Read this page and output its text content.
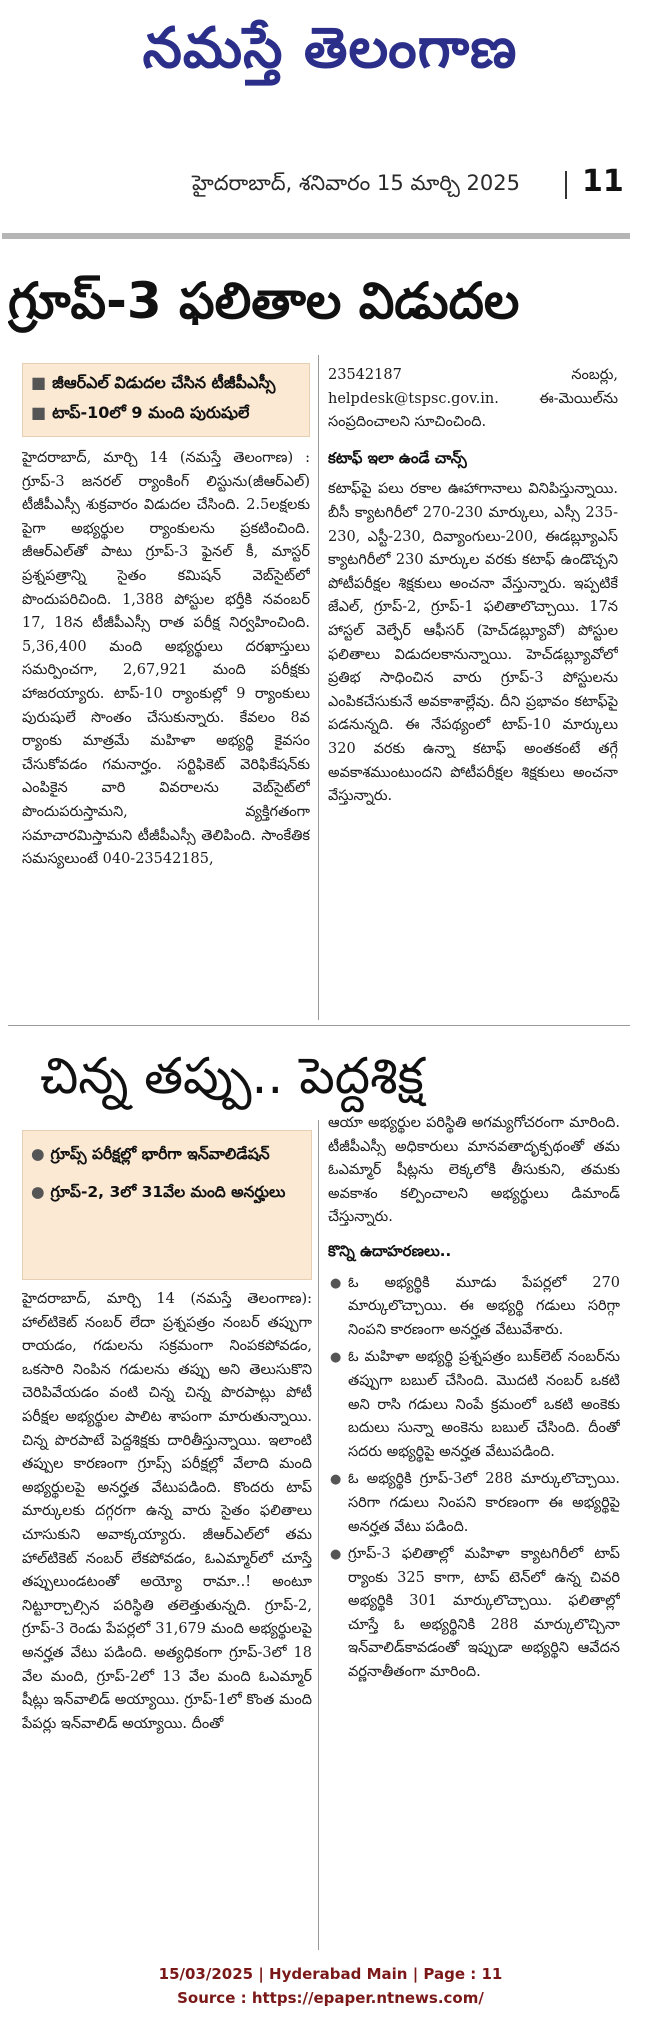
నమస్తే తెలంగాణ
హైదరాబాద్, శనివారం 15 మార్చి 2025 11
గ్రూప్-3 ఫలితాల విడుదల
■ జీఆర్ఎల్ విడుదల చేసిన టీజీపీఎస్సీ
■ టాప్-10లో 9 మంది పురుషులే
హైదరాబాద్, మార్చి 14 (నమస్తే తెలంగాణ) : గ్రూప్-3 జనరల్ ర్యాంకింగ్ లిస్టును(జీఆర్ఎల్) టీజీపీఎస్సీ శుక్రవారం విడుదల చేసింది. 2.5లక్షలకు పైగా అభ్యర్థుల ర్యాంకులను ప్రకటించింది. జీఆర్ఎల్‌తో పాటు గ్రూప్-3 ఫైనల్ కీ, మాస్టర్ ప్రశ్నపత్రాన్ని సైతం కమిషన్ వెబ్‌సైట్‌లో పొందుపరిచింది. 1,388 పోస్టుల భర్తీకి నవంబర్ 17, 18న టీజీపీఎస్సీ రాత పరీక్ష నిర్వహించింది. 5,36,400 మంది అభ్యర్థులు దరఖాస్తులు సమర్పించగా, 2,67,921 మంది పరీక్షకు హాజరయ్యారు. టాప్-10 ర్యాంకుల్లో 9 ర్యాంకులు పురుషులే సొంతం చేసుకున్నారు. కేవలం 8వ ర్యాంకు మాత్రమే మహిళా అభ్యర్థి కైవసం చేసుకోవడం గమనార్హం. సర్టిఫికెట్ వెరిఫికేషన్‌కు ఎంపికైన వారి వివరాలను వెబ్‌సైట్‌లో పొందుపరుస్తామని, వ్యక్తిగతంగా సమాచారమిస్తామని టీజీపీఎస్సీ తెలిపింది. సాంకేతిక సమస్యలుంటే 040-23542185,
23542187 నంబర్లు, helpdesk@tspsc.gov.in. ఈ-మెయిల్‌ను సంప్రదించాలని సూచించింది.
కటాఫ్ ఇలా ఉండే చాన్స్
కటాఫ్‌పై పలు రకాల ఊహాగానాలు వినిపిస్తున్నాయి. బీసీ క్యాటగిరీలో 270-230 మార్కులు, ఎస్సీ 235-230, ఎస్టీ-230, దివ్యాంగులు-200, ఈడబ్ల్యూఎస్ క్యాటగిరీలో 230 మార్కుల వరకు కటాఫ్ ఉండొచ్చని పోటీపరీక్షల శిక్షకులు అంచనా వేస్తున్నారు. ఇప్పటికే జేఎల్, గ్రూప్-2, గ్రూప్-1 ఫలితాలొచ్చాయి. 17న హాస్టల్ వెల్ఫేర్ ఆఫీసర్ (హెచ్‌డబ్ల్యూవో) పోస్టుల ఫలితాలు విడుదలకానున్నాయి. హెచ్‌డబ్ల్యూవోలో ప్రతిభ సాధించిన వారు గ్రూప్-3 పోస్టులను ఎంపికచేసుకునే అవకాశాల్లేవు. దీని ప్రభావం కటాఫ్‌పై పడనున్నది. ఈ నేపథ్యంలో టాప్-10 మార్కులు 320 వరకు ఉన్నా కటాఫ్ అంతకంటే తగ్గే అవకాశముంటుందని పోటీపరీక్షల శిక్షకులు అంచనా వేస్తున్నారు.
చిన్న తప్పు.. పెద్దశిక్ష
● గ్రూప్స్ పరీక్షల్లో భారీగా ఇన్‌వాలిడేషన్
● గ్రూప్-2, 3లో 31వేల మంది అనర్హులు
హైదరాబాద్, మార్చి 14 (నమస్తే తెలంగాణ): హాల్‌టికెట్ నంబర్ లేదా ప్రశ్నపత్రం నంబర్ తప్పుగా రాయడం, గడులను సక్రమంగా నింపకపోవడం, ఒకసారి నింపిన గడులను తప్పు అని తెలుసుకొని చెరిపివేయడం వంటి చిన్న చిన్న పొరపాట్లు పోటీ పరీక్షల అభ్యర్థుల పాలిట శాపంగా మారుతున్నాయి. చిన్న పొరపాటే పెద్దశిక్షకు దారితీస్తున్నాయి. ఇలాంటి తప్పుల కారణంగా గ్రూప్స్ పరీక్షల్లో వేలాది మంది అభ్యర్థులపై అనర్హత వేటుపడింది. కొందరు టాప్ మార్కులకు దగ్గరగా ఉన్న వారు సైతం ఫలితాలు చూసుకుని అవాక్కయ్యారు. జీఆర్ఎల్‌లో తమ హాల్‌టికెట్ నంబర్ లేకపోవడం, ఓఎమ్మార్‌లో చూస్తే తప్పులుండటంతో అయ్యో రామా..! అంటూ నిట్టూర్చాల్సిన పరిస్థితి తలెత్తుతున్నది. గ్రూప్-2, గ్రూప్-3 రెండు పేపర్లలో 31,679 మంది అభ్యర్థులపై అనర్హత వేటు పడింది. అత్యధికంగా గ్రూప్-3లో 18 వేల మంది, గ్రూప్-2లో 13 వేల మంది ఓఎమ్మార్ షీట్లు ఇన్‌వాలిడ్ అయ్యాయి. గ్రూప్-1లో కొంత మంది పేపర్లు ఇన్‌వాలిడ్ అయ్యాయి. దీంతో
ఆయా అభ్యర్థుల పరిస్థితి అగమ్యగోచరంగా మారింది. టీజీపీఎస్సీ అధికారులు మానవతాదృక్పథంతో తమ ఓఎమ్మార్ షీట్లను లెక్కలోకి తీసుకుని, తమకు అవకాశం కల్పించాలని అభ్యర్థులు డిమాండ్ చేస్తున్నారు.
కొన్ని ఉదాహరణలు..
● ఓ అభ్యర్థికి మూడు పేపర్లలో 270 మార్కులొచ్చాయి. ఈ అభ్యర్థి గడులు సరిగ్గా నింపని కారణంగా అనర్హత వేటువేశారు.
● ఓ మహిళా అభ్యర్థి ప్రశ్నపత్రం బుక్‌లెట్ నంబర్‌ను తప్పుగా బబుల్ చేసింది. మొదటి నంబర్ ఒకటి అని రాసి గడులు నింపే క్రమంలో ఒకటి అంకెకు బదులు సున్నా అంకెను బబుల్ చేసింది. దీంతో సదరు అభ్యర్థిపై అనర్హత వేటుపడింది.
● ఓ అభ్యర్థికి గ్రూప్-3లో 288 మార్కులొచ్చాయి. సరిగా గడులు నింపని కారణంగా ఈ అభ్యర్థిపై అనర్హత వేటు పడింది.
● గ్రూప్-3 ఫలితాల్లో మహిళా క్యాటగిరీలో టాప్ ర్యాంకు 325 కాగా, టాప్ టెన్‌లో ఉన్న చివరి అభ్యర్థికి 301 మార్కులొచ్చాయి. ఫలితాల్లో చూస్తే ఓ అభ్యర్థినికి 288 మార్కులొచ్చినా ఇన్‌వాలిడ్‌కావడంతో ఇప్పుడా అభ్యర్థిని ఆవేదన వర్ణనాతీతంగా మారింది.
15/03/2025 | Hyderabad Main | Page : 11
Source : https://epaper.ntnews.com/
